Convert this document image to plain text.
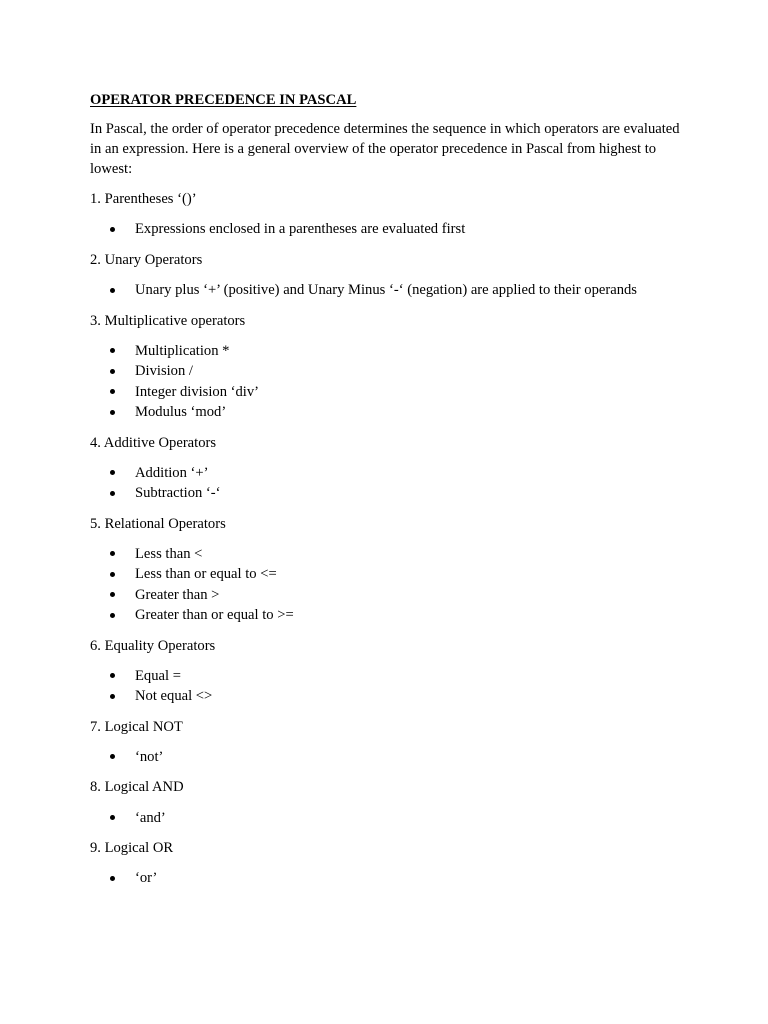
OPERATOR PRECEDENCE IN PASCAL

In Pascal, the order of operator precedence determines the sequence in which operators are evaluated in an expression. Here is a general overview of the operator precedence in Pascal from highest to lowest:

1. Parentheses ‘()’

Expressions enclosed in a parentheses are evaluated first

2. Unary Operators

Unary plus ‘+’ (positive) and Unary Minus ‘-‘ (negation) are applied to their operands

3. Multiplicative operators

Multiplication *
Division /
Integer division ‘div’
Modulus ‘mod’

4. Additive Operators

Addition ‘+’
Subtraction ‘-‘

5. Relational Operators

Less than <
Less than or equal to <=
Greater than >
Greater than or equal to >=

6. Equality Operators

Equal =
Not equal <>

7. Logical NOT

‘not’

8. Logical AND

‘and’

9. Logical OR

‘or’
